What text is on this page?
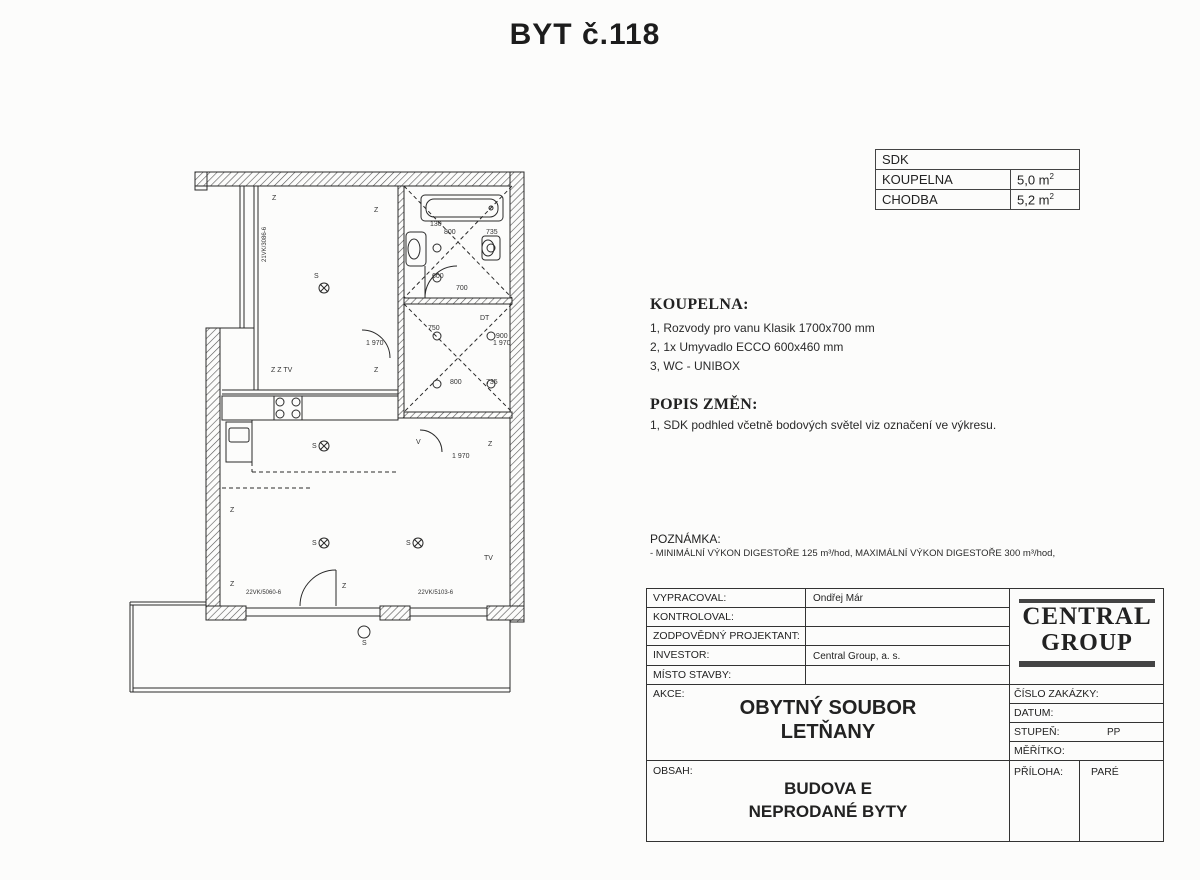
BYT č.118
SDK	
KOUPELNA	5,0 $m^2$
CHODBA	5,2 $m^2$
KOUPELNA:
1, Rozvody pro vanu Klasik 1700x700 mm
2, 1x Umyvadlo ECCO 600x460 mm
3, WC - UNIBOX
POPIS ZMĚN:
1, SDK podhled včetně bodových světel viz označení ve výkresu.
POZNÁMKA:
- MINIMÁLNÍ VÝKON DIGESTOŘE 125 m³/hod, MAXIMÁLNÍ VÝKON DIGESTOŘE 300 m³/hod,
VYPRACOVAL:	Ondřej Már
KONTROLOVAL:
ZODPOVĚDNÝ PROJEKTANT:
INVESTOR:	Central Group, a. s.
MÍSTO STAVBY:
AKCE:
OBYTNÝ SOUBOR
LETŇANY
OBSAH:
BUDOVA E
NEPRODANÉ BYTY
ČÍSLO ZAKÁZKY:
DATUM:
STUPEŇ:	PP
MĚŘÍTKO:
PŘÍLOHA:	PARÉ
CENTRAL
GROUP
800	735
800	735
1 970	1 970
600
900
700
1 970
130
750
Z Z TV
TV
DT
22VK/5060-6	22VK/5103-6
21VK/3086-6
S
S
S	S
S
Z
Z
Z
Z
Z
Z	Z
V
